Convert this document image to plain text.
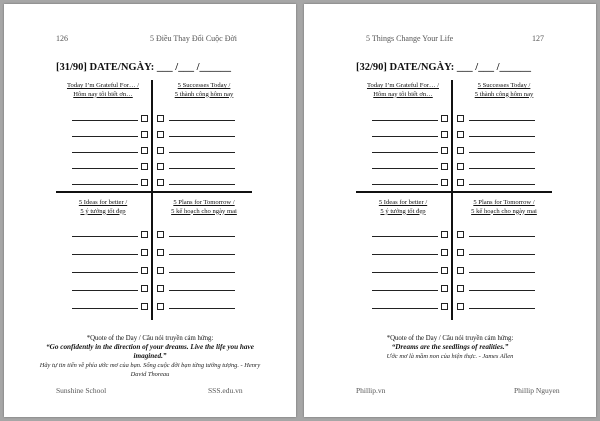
126	5 Điều Thay Đổi Cuộc Đời
[31/90] DATE/NGÀY: ___ /___ /______
Today I’m Grateful For… /
Hôm nay tôi biết ơn…
5 Successes Today /
5 thành công hôm nay
5 Ideas for better /
5 ý tưởng tốt đẹp
5 Plans for Tomorrow /
5 kế hoạch cho ngày mai
*Quote of the Day / Câu nói truyền cảm hứng:
“Go confidently in the direction of your dreams. Live the life you have imagined.”
Hãy tự tin tiến về phía ước mơ của bạn. Sống cuộc đời bạn từng tưởng tượng. - Henry David Thoreau
Sunshine School	SSS.edu.vn
5 Things Change Your Life	127
[32/90] DATE/NGÀY: ___ /___ /______
Today I’m Grateful For… /
Hôm nay tôi biết ơn…
5 Successes Today /
5 thành công hôm nay
5 Ideas for better /
5 ý tưởng tốt đẹp
5 Plans for Tomorrow /
5 kế hoạch cho ngày mai
*Quote of the Day / Câu nói truyền cảm hứng:
“Dreams are the seedlings of realities.”
Ước mơ là mầm non của hiện thực. - James Allen
Phillip.vn	Phillip Nguyen
